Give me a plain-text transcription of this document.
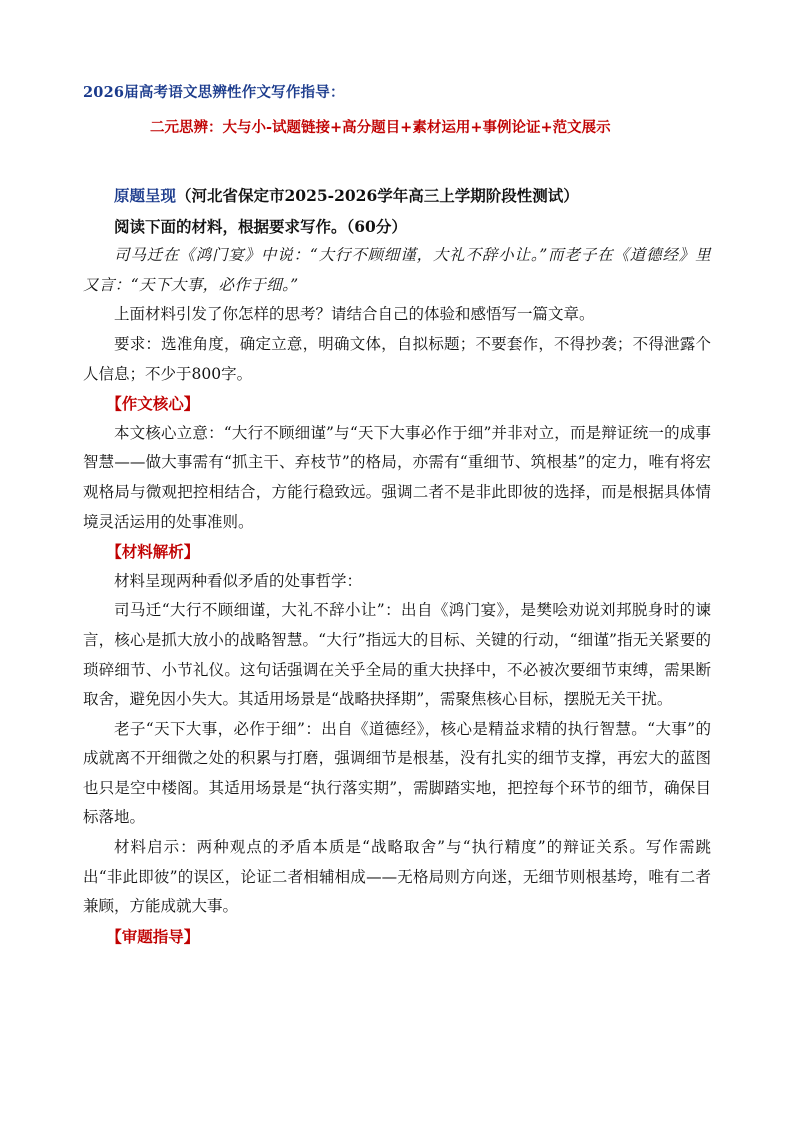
2026届高考语文思辨性作文写作指导：
二元思辨：大与小-试题链接+高分题目+素材运用+事例论证+范文展示

原题呈现（河北省保定市2025-2026学年高三上学期阶段性测试）

阅读下面的材料，根据要求写作。（60分）

司马迁在《鸿门宴》中说：“大行不顾细谨，大礼不辞小让。”而老子在《道德经》里又言：“天下大事，必作于细。”

上面材料引发了你怎样的思考？请结合自己的体验和感悟写一篇文章。

要求：选准角度，确定立意，明确文体，自拟标题；不要套作，不得抄袭；不得泄露个人信息；不少于800字。

【作文核心】

本文核心立意：“大行不顾细谨”与“天下大事必作于细”并非对立，而是辩证统一的成事智慧——做大事需有“抓主干、弃枝节”的格局，亦需有“重细节、筑根基”的定力，唯有将宏观格局与微观把控相结合，方能行稳致远。强调二者不是非此即彼的选择，而是根据具体情境灵活运用的处事准则。

【材料解析】

材料呈现两种看似矛盾的处事哲学：

司马迁“大行不顾细谨，大礼不辞小让”：出自《鸿门宴》，是樊哙劝说刘邦脱身时的谏言，核心是抓大放小的战略智慧。“大行”指远大的目标、关键的行动，“细谨”指无关紧要的琐碎细节、小节礼仪。这句话强调在关乎全局的重大抉择中，不必被次要细节束缚，需果断取舍，避免因小失大。其适用场景是“战略抉择期”，需聚焦核心目标，摆脱无关干扰。

老子“天下大事，必作于细”：出自《道德经》，核心是精益求精的执行智慧。“大事”的成就离不开细微之处的积累与打磨，强调细节是根基，没有扎实的细节支撑，再宏大的蓝图也只是空中楼阁。其适用场景是“执行落实期”，需脚踏实地，把控每个环节的细节，确保目标落地。

材料启示：两种观点的矛盾本质是“战略取舍”与“执行精度”的辩证关系。写作需跳出“非此即彼”的误区，论证二者相辅相成——无格局则方向迷，无细节则根基垮，唯有二者兼顾，方能成就大事。

【审题指导】
